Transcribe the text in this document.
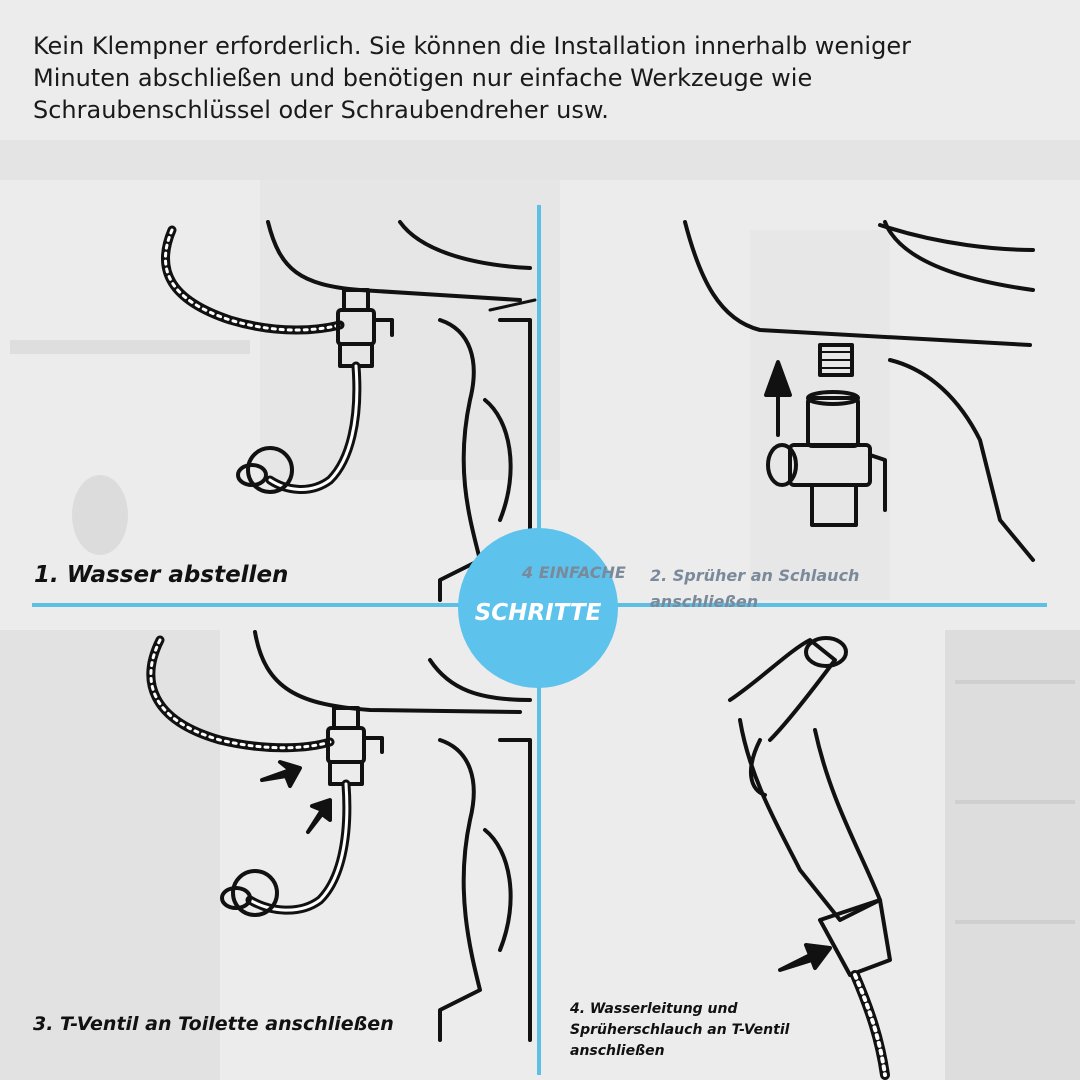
Kein Klempner erforderlich. Sie können die Installation innerhalb weniger
Minuten abschließen und benötigen nur einfache Werkzeuge wie
Schraubenschlüssel oder Schraubendreher usw.
SCHRITTE
4 EINFACHE
1. Wasser abstellen	2. Sprüher an Schlauch
anschließen
3. T-Ventil an Toilette anschließen
4. Wasserleitung und
Sprüherschlauch an T-Ventil
anschließen
